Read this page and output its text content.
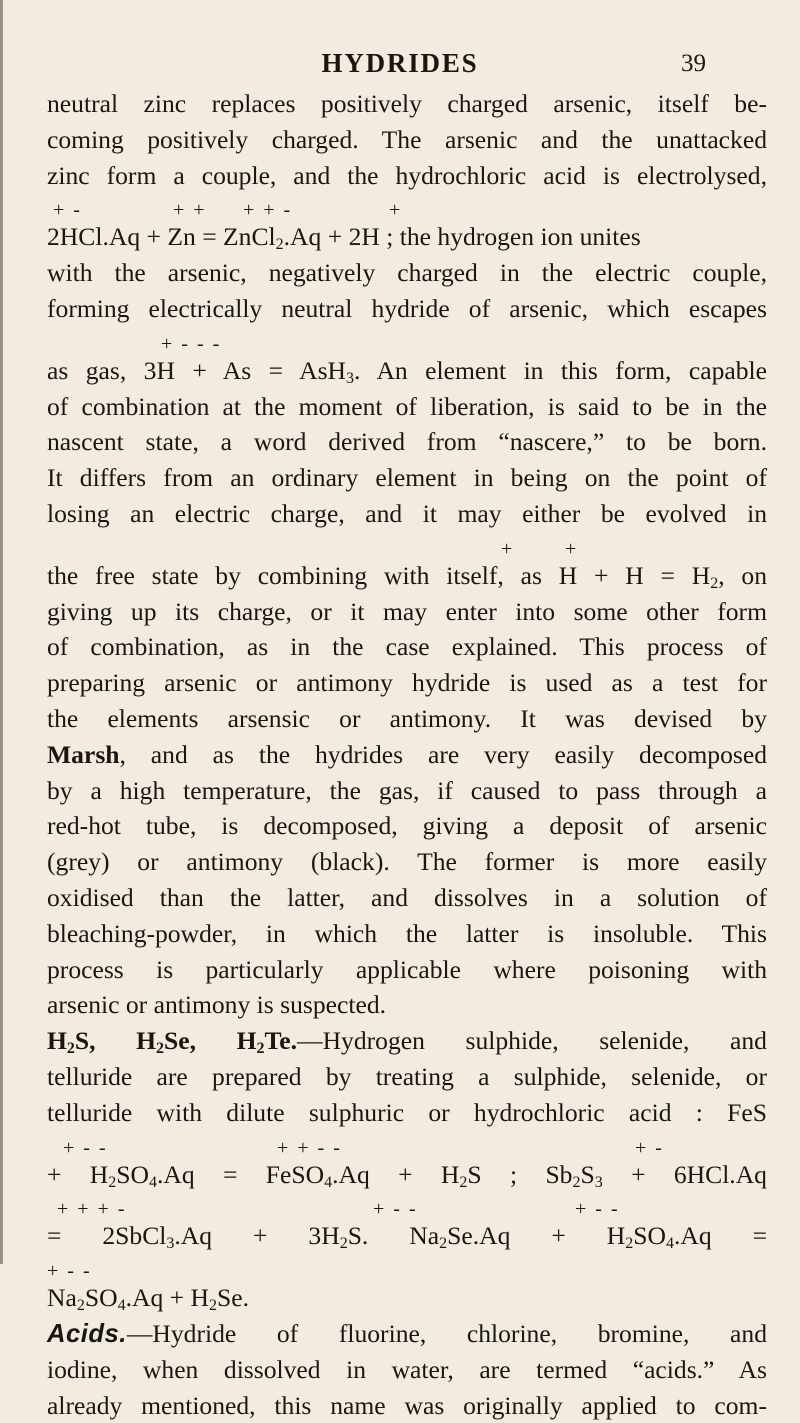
HYDRIDES	39
neutral zinc replaces positively charged arsenic, itself be-
coming positively charged. The arsenic and the unattacked
zinc form a couple, and the hydrochloric acid is electrolysed,
+ -	+ + + + -	+
2HCl.Aq + Zn = ZnCl$_2$.Aq + 2H ; the hydrogen ion unites
with the arsenic, negatively charged in the electric couple,
forming electrically neutral hydride of arsenic, which escapes
+ - - -
as gas, 3H + As = AsH$_3$. An element in this form, capable
of combination at the moment of liberation, is said to be in the
nascent state, a word derived from “nascere,” to be born.
It differs from an ordinary element in being on the point of
losing an electric charge, and it may either be evolved in
+	+
the free state by combining with itself, as $H + H = H_2$, on
giving up its charge, or it may enter into some other form
of combination, as in the case explained. This process of
preparing arsenic or antimony hydride is used as a test for
the elements arsensic or antimony. It was devised by
Marsh, and as the hydrides are very easily decomposed
by a high temperature, the gas, if caused to pass through a
red-hot tube, is decomposed, giving a deposit of arsenic
(grey) or antimony (black). The former is more easily
oxidised than the latter, and dissolves in a solution of
bleaching-powder, in which the latter is insoluble. This
process is particularly applicable where poisoning with
arsenic or antimony is suspected.
$H_2S$, $H_2Se$, $H_2Te.—Hydrogen$ sulphide, selenide, and
telluride are prepared by treating a sulphide, selenide, or
telluride with dilute sulphuric or hydrochloric acid : FeS
+ - -	+ + - -	+ -
+ $H_2SO_4.Aq$ = FeSO$_4$.Aq + $H_2S$ ; $Sb_2S_3 + 6HCl.Aq$
+ + + -	+ - -	+ - -
= 2SbCl$_3$.Aq + $3H_2S$. $Na_2Se.Aq + H_2SO_4.Aq$ =
+ - -
$Na_2SO_4.Aq + H_2Se$.
Acids.—Hydride of fluorine, chlorine, bromine, and
iodine, when dissolved in water, are termed “acids.” As
already mentioned, this name was originally applied to com-
